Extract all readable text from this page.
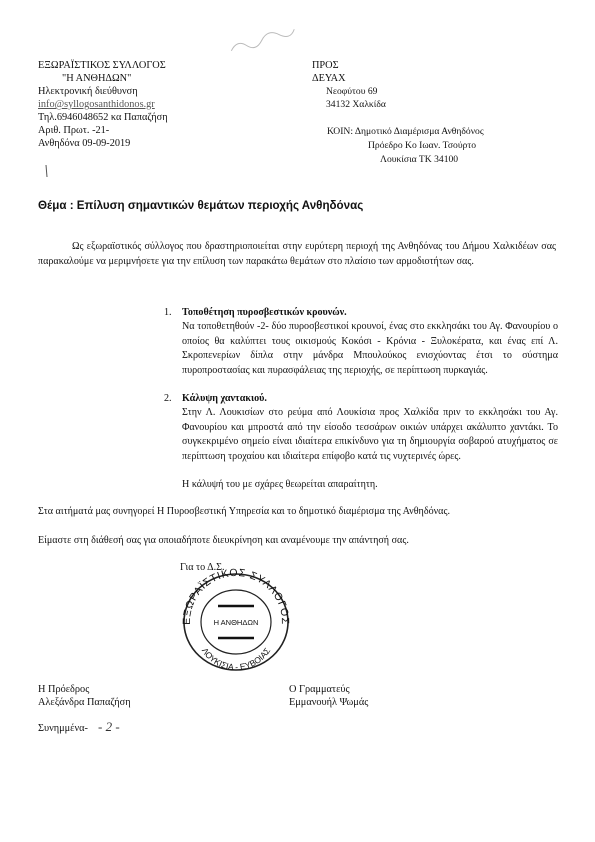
ΕΞΩΡΑΪΣΤΙΚΟΣ ΣΥΛΛΟΓΟΣ
"Η ΑΝΘΗΔΩΝ"
Ηλεκτρονική διεύθυνση
info@syllogosanthidonos.gr
Τηλ.6946048652 κα Παπαζήση
Αριθ. Πρωτ. -21-
Ανθηδόνα 09-09-2019
ΠΡΟΣ
ΔΕΥΑΧ
Νεοφύτου 69
34132 Χαλκίδα
ΚΟΙΝ: Δημοτικό Διαμέρισμα Ανθηδόνος
Πρόεδρο Κο Ιωαν. Τσούρτο
Λουκίσια ΤΚ 34100
Θέμα : Επίλυση σημαντικών θεμάτων περιοχής Ανθηδόνας
Ως εξωραϊστικός σύλλογος που δραστηριοποιείται στην ευρύτερη περιοχή της Ανθηδόνας του Δήμου Χαλκιδέων σας παρακαλούμε να μεριμνήσετε για την επίλυση των παρακάτω θεμάτων στο πλαίσιο των αρμοδιοτήτων σας.
1. Τοποθέτηση πυροσβεστικών κρουνών.
Να τοποθετηθούν -2- δύο πυροσβεστικοί κρουνοί, ένας στο εκκλησάκι του Αγ. Φανουρίου ο οποίος θα καλύπτει τους οικισμούς Κοκόσι - Κρόνια - Ξυλοκέρατα, και ένας επί Λ. Σκροπενερίων δίπλα στην μάνδρα Μπουλούκος ενισχύοντας έτσι το σύστημα πυροπροστασίας και πυρασφάλειας της περιοχής, σε περίπτωση πυρκαγιάς.
2. Κάλυψη χαντακιού.
Στην Λ. Λουκισίων στο ρεύμα από Λουκίσια προς Χαλκίδα πριν το εκκλησάκι του Αγ. Φανουρίου και μπροστά από την είσοδο τεσσάρων οικιών υπάρχει ακάλυπτο χαντάκι. Το συγκεκριμένο σημείο είναι ιδιαίτερα επικίνδυνο για τη δημιουργία σοβαρού ατυχήματος σε περίπτωση τροχαίου και ιδιαίτερα επίφοβο κατά τις νυχτερινές ώρες.
Η κάλυψή του με σχάρες θεωρείται απαραίτητη.
Στα αιτήματά μας συνηγορεί Η Πυροσβεστική Υπηρεσία και το δημοτικό διαμέρισμα της Ανθηδόνας.
Είμαστε στη διάθεσή σας για οποιαδήποτε διευκρίνηση και αναμένουμε την απάντησή σας.
Για το Δ.Σ.
ΕΞΩΡΑΪΣΤΙΚΟΣ ΣΥΛΛΟΓΟΣ
ΛΟΥΚΙΣΙΑ - ΕΥΒΟΙΑΣ
Η ΑΝΘΗΔΩΝ
Η Πρόεδρος
Αλεξάνδρα Παπαζήση
Ο Γραμματεύς
Εμμανουήλ Ψωμάς
Συνημμένα- - 2 -
